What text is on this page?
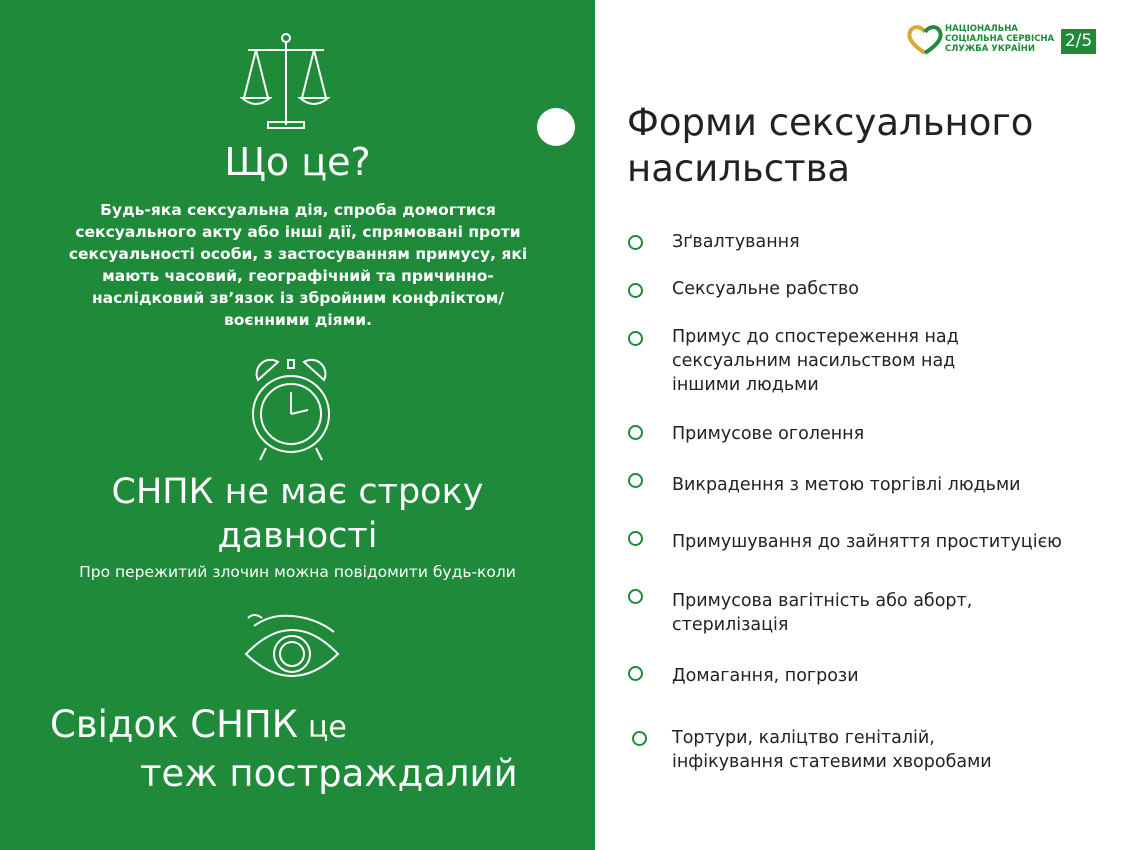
Що це?
Будь-яка сексуальна дія, спроба домогтися
сексуального акту або інші дії, спрямовані проти
сексуальності особи, з застосуванням примусу, які
мають часовий, географічний та причинно-
наслідковий зв’язок із збройним конфліктом/
воєнними діями.
СНПК не має строку
давності
Про пережитий злочин можна повідомити будь-коли
Свідок СНПК це
теж постраждалий
НАЦІОНАЛЬНА
СОЦІАЛЬНА СЕРВІСНА
СЛУЖБА УКРАЇНИ	2/5
Форми сексуального
насильства
Зґвалтування
Сексуальне рабство
Примус до спостереження над
сексуальним насильством над
іншими людьми
Примусове оголення
Викрадення з метою торгівлі людьми
Примушування до зайняття проституцією
Примусова вагітність або аборт,
стерилізація
Домагання, погрози
Тортури, каліцтво геніталій,
інфікування статевими хворобами
